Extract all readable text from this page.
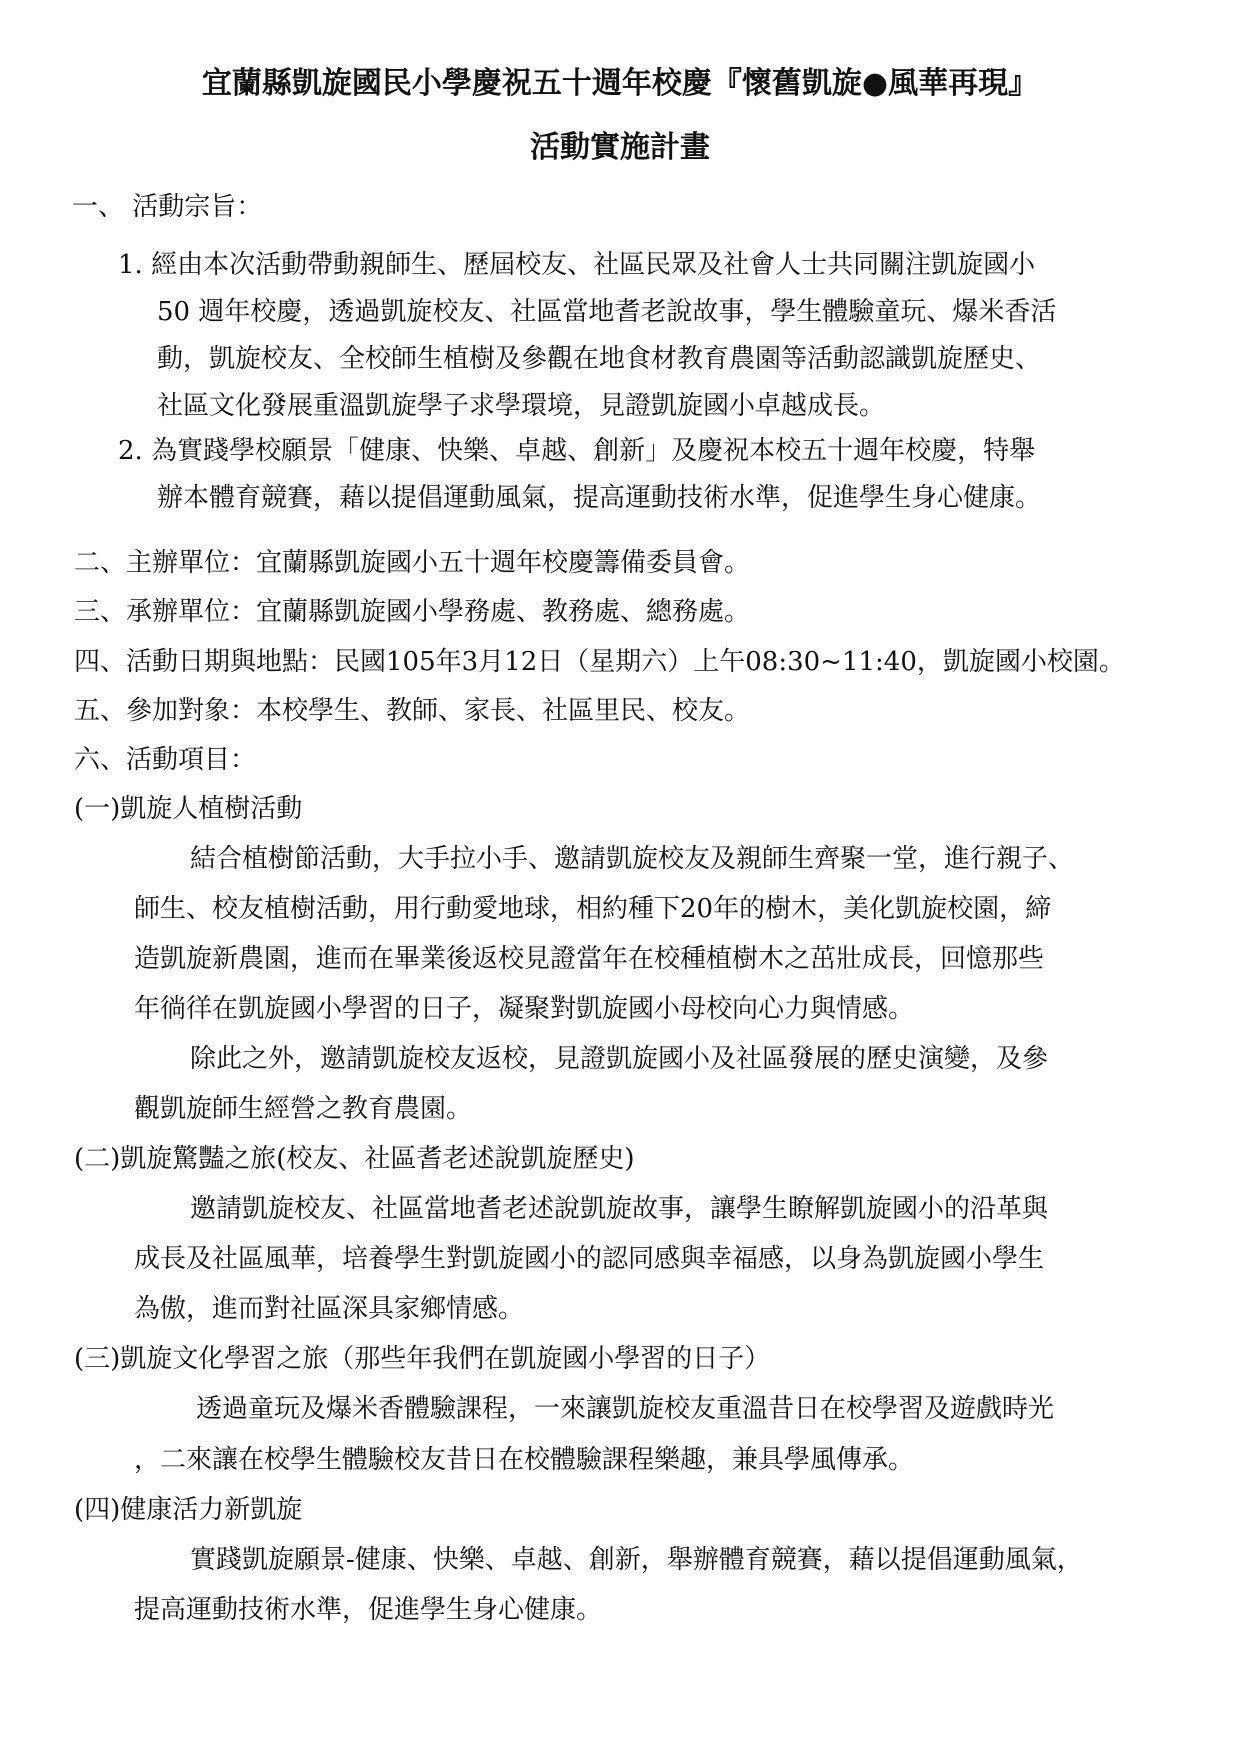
宜蘭縣凱旋國民小學慶祝五十週年校慶『懷舊凱旋●風華再現』
活動實施計畫
一、 活動宗旨：
1. 經由本次活動帶動親師生、歷屆校友、社區民眾及社會人士共同關注凱旋國小
50 週年校慶，透過凱旋校友、社區當地耆老說故事，學生體驗童玩、爆米香活
動，凱旋校友、全校師生植樹及參觀在地食材教育農園等活動認識凱旋歷史、
社區文化發展重溫凱旋學子求學環境，見證凱旋國小卓越成長。
2. 為實踐學校願景「健康、快樂、卓越、創新」及慶祝本校五十週年校慶，特舉
辦本體育競賽，藉以提倡運動風氣，提高運動技術水準，促進學生身心健康。
二、主辦單位：宜蘭縣凱旋國小五十週年校慶籌備委員會。
三、承辦單位：宜蘭縣凱旋國小學務處、教務處、總務處。
四、活動日期與地點：民國105年3月12日（星期六）上午08:30~11:40，凱旋國小校園。
五、參加對象：本校學生、教師、家長、社區里民、校友。
六、活動項目：
(一)凱旋人植樹活動
結合植樹節活動，大手拉小手、邀請凱旋校友及親師生齊聚一堂，進行親子、
師生、校友植樹活動，用行動愛地球，相約種下20年的樹木，美化凱旋校園，締
造凱旋新農園，進而在畢業後返校見證當年在校種植樹木之茁壯成長，回憶那些
年徜徉在凱旋國小學習的日子，凝聚對凱旋國小母校向心力與情感。
除此之外，邀請凱旋校友返校，見證凱旋國小及社區發展的歷史演變，及參
觀凱旋師生經營之教育農園。
(二)凱旋驚豔之旅(校友、社區耆老述說凱旋歷史)
邀請凱旋校友、社區當地耆老述說凱旋故事，讓學生瞭解凱旋國小的沿革與
成長及社區風華，培養學生對凱旋國小的認同感與幸福感，以身為凱旋國小學生
為傲，進而對社區深具家鄉情感。
(三)凱旋文化學習之旅（那些年我們在凱旋國小學習的日子）
透過童玩及爆米香體驗課程，一來讓凱旋校友重溫昔日在校學習及遊戲時光
，二來讓在校學生體驗校友昔日在校體驗課程樂趣，兼具學風傳承。
(四)健康活力新凱旋
實踐凱旋願景-健康、快樂、卓越、創新，舉辦體育競賽，藉以提倡運動風氣，
提高運動技術水準，促進學生身心健康。
